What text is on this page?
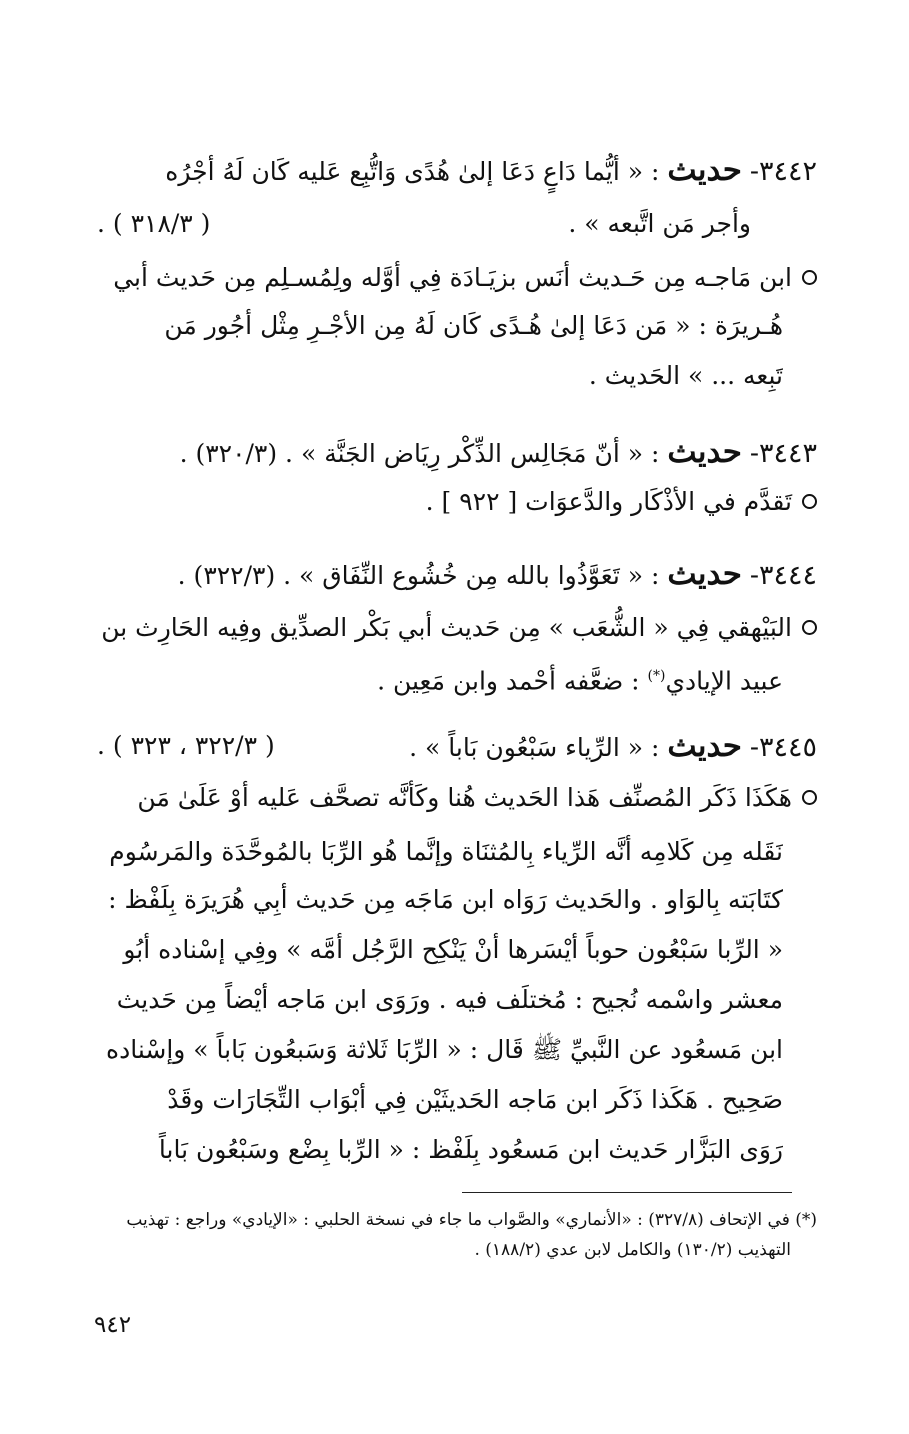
٣٤٤٢- حديث : « أيُّما دَاعٍ دَعَا إلىٰ هُدًى وَاتُّبِع عَليه كَان لَهُ أجْرُه
وأجر مَن اتَّبعه » .
( ٣١٨/٣ ) .
ابن مَاجـه مِن حَـديث أنَس بزيَـادَة فِي أوَّله ولِمُسـلِم مِن حَديث أبي
هُـريرَة : « مَن دَعَا إلىٰ هُـدًى كَان لَهُ مِن الأجْـرِ مِثْل أجُور مَن
تَبِعه ... » الحَديث .
٣٤٤٣- حديث : « أنّ مَجَالِس الذِّكْر رِيَاض الجَنَّة » . (٣٢٠/٣) .
تَقدَّم في الأذْكَار والدَّعوَات [ ٩٢٢ ] .
٣٤٤٤- حديث : « تَعَوَّذُوا بالله مِن خُشُوع النِّفَاق » . (٣٢٢/٣) .
البَيْهقي فِي « الشُّعَب » مِن حَديث أبي بَكْر الصدِّيق وفِيه الحَارِث بن
عبيد الإيادي(*) : ضعَّفه أحْمد وابن مَعِين .
٣٤٤٥- حديث : « الرِّياء سَبْعُون بَاباً » .
( ٣٢٢/٣ ، ٣٢٣ ) .
هَكَذَا ذَكَر المُصنِّف هَذا الحَديث هُنا وكَأنَّه تصحَّف عَليه أوْ عَلَىٰ مَن
نَقَله مِن كَلامِه أنَّه الرِّياء بِالمُثنَاة وإنَّما هُو الرِّبَا بالمُوحَّدَة والمَرسُوم
كتَابَته بِالوَاو . والحَديث رَوَاه ابن مَاجَه مِن حَديث أبِي هُرَيرَة بِلَفْظ :
« الرِّبا سَبْعُون حوباً أيْسَرها أنْ يَنْكِح الرَّجُل أمَّه » وفِي إسْناده أبُو
معشر واسْمه نُجيح : مُختلَف فيه . ورَوَى ابن مَاجه أيْضاً مِن حَديث
ابن مَسعُود عن النَّبيِّ ﷺ قَال : « الرِّبَا ثَلاثة وَسَبعُون بَاباً » وإسْناده
صَحِيح . هَكَذا ذَكَر ابن مَاجه الحَديثَيْن فِي أبْوَاب التِّجَارَات وقَدْ
رَوَى البَزَّار حَديث ابن مَسعُود بِلَفْظ : « الرِّبا بِضْع وسَبْعُون بَاباً
(*) في الإتحاف (٣٢٧/٨) : «الأنماري» والصَّواب ما جاء في نسخة الحلبي : «الإيادي» وراجع : تهذيب
التهذيب (١٣٠/٢) والكامل لابن عدي (١٨٨/٢) .
٩٤٢
